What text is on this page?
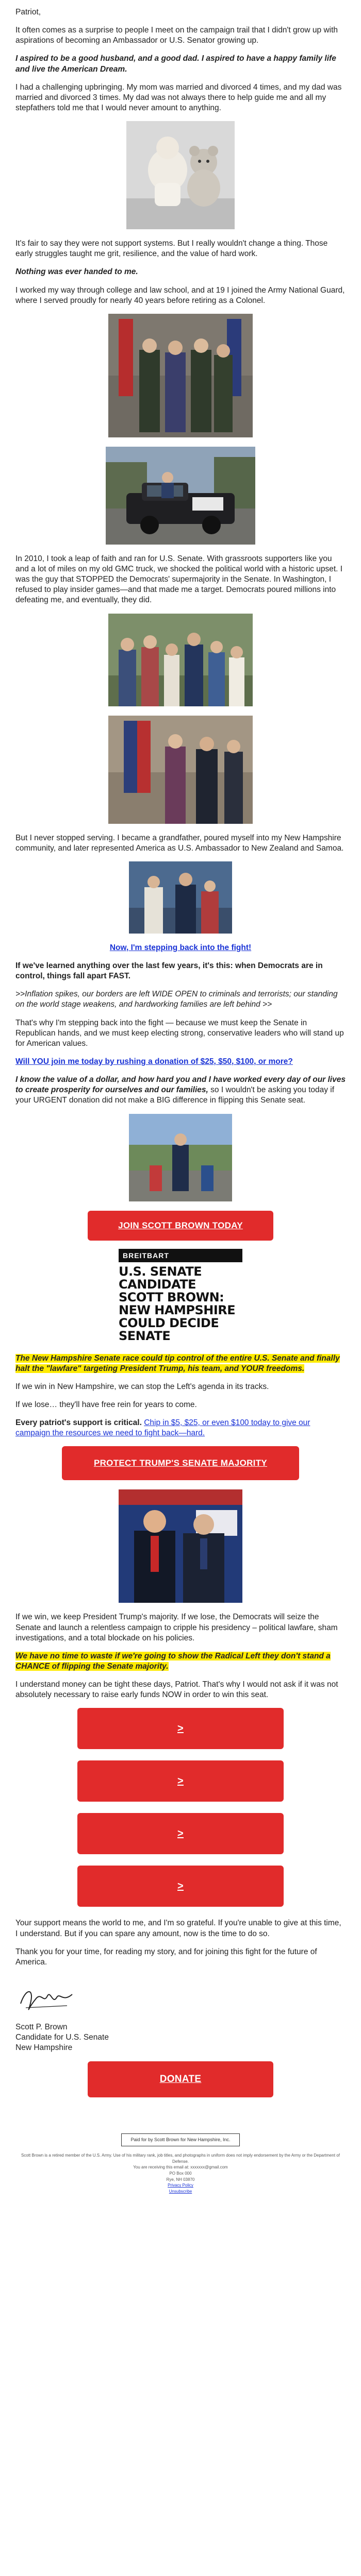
Patriot,

It often comes as a surprise to people I meet on the campaign trail that I didn't grow up with aspirations of becoming an Ambassador or U.S. Senator growing up.

I aspired to be a good husband, and a good dad. I aspired to have a happy family life and live the American Dream.

I had a challenging upbringing. My mom was married and divorced 4 times, and my dad was married and divorced 3 times. My dad was not always there to help guide me and all my stepfathers told me that I would never amount to anything.

It's fair to say they were not support systems. But I really wouldn't change a thing. Those early struggles taught me grit, resilience, and the value of hard work.

Nothing was ever handed to me.

I worked my way through college and law school, and at 19 I joined the Army National Guard, where I served proudly for nearly 40 years before retiring as a Colonel.

In 2010, I took a leap of faith and ran for U.S. Senate. With grassroots supporters like you and a lot of miles on my old GMC truck, we shocked the political world with a historic upset. I was the guy that STOPPED the Democrats' supermajority in the Senate. In Washington, I refused to play insider games—and that made me a target. Democrats poured millions into defeating me, and eventually, they did.

But I never stopped serving. I became a grandfather, poured myself into my New Hampshire community, and later represented America as U.S. Ambassador to New Zealand and Samoa.

Now, I'm stepping back into the fight!

If we've learned anything over the last few years, it's this: when Democrats are in control, things fall apart FAST.

>>Inflation spikes, our borders are left WIDE OPEN to criminals and terrorists; our standing on the world stage weakens, and hardworking families are left behind >>

That's why I'm stepping back into the fight — because we must keep the Senate in Republican hands, and we must keep electing strong, conservative leaders who will stand up for American values.

Will YOU join me today by rushing a donation of $25, $50, $100, or more?

I know the value of a dollar, and how hard you and I have worked every day of our lives to create prosperity for ourselves and our families, so I wouldn't be asking you today if your URGENT donation did not make a BIG difference in flipping this Senate seat.

JOIN SCOTT BROWN TODAY
BREITBART
U.S. SENATE CANDIDATE SCOTT BROWN: NEW HAMPSHIRE COULD DECIDE SENATE

The New Hampshire Senate race could tip control of the entire U.S. Senate and finally halt the "lawfare" targeting President Trump, his team, and YOUR freedoms.

If we win in New Hampshire, we can stop the Left's agenda in its tracks.

If we lose… they'll have free rein for years to come.

Every patriot's support is critical. Chip in $5, $25, or even $100 today to give our campaign the resources we need to fight back—hard.

PROTECT TRUMP'S SENATE MAJORITY

If we win, we keep President Trump's majority. If we lose, the Democrats will seize the Senate and launch a relentless campaign to cripple his presidency – political lawfare, sham investigations, and a total blockade on his policies.

We have no time to waste if we're going to show the Radical Left they don't stand a CHANCE of flipping the Senate majority.

I understand money can be tight these days, Patriot. That's why I would not ask if it was not absolutely necessary to raise early funds NOW in order to win this seat.

>
>
>
>

Your support means the world to me, and I'm so grateful. If you're unable to give at this time, I understand. But if you can spare any amount, now is the time to do so.

Thank you for your time, for reading my story, and for joining this fight for the future of America.

Scott P. Brown
Candidate for U.S. Senate
New Hampshire

DONATE
Paid for by Scott Brown for New Hampshire, Inc.
Scott Brown is a retired member of the U.S. Army. Use of his military rank, job titles, and photographs in uniform does not imply endorsement by the Army or the Department of Defense.
You are receiving this email at: xxxxxxx@gmail.com
PO Box 000
Rye, NH 03870
Privacy Policy
Unsubscribe
